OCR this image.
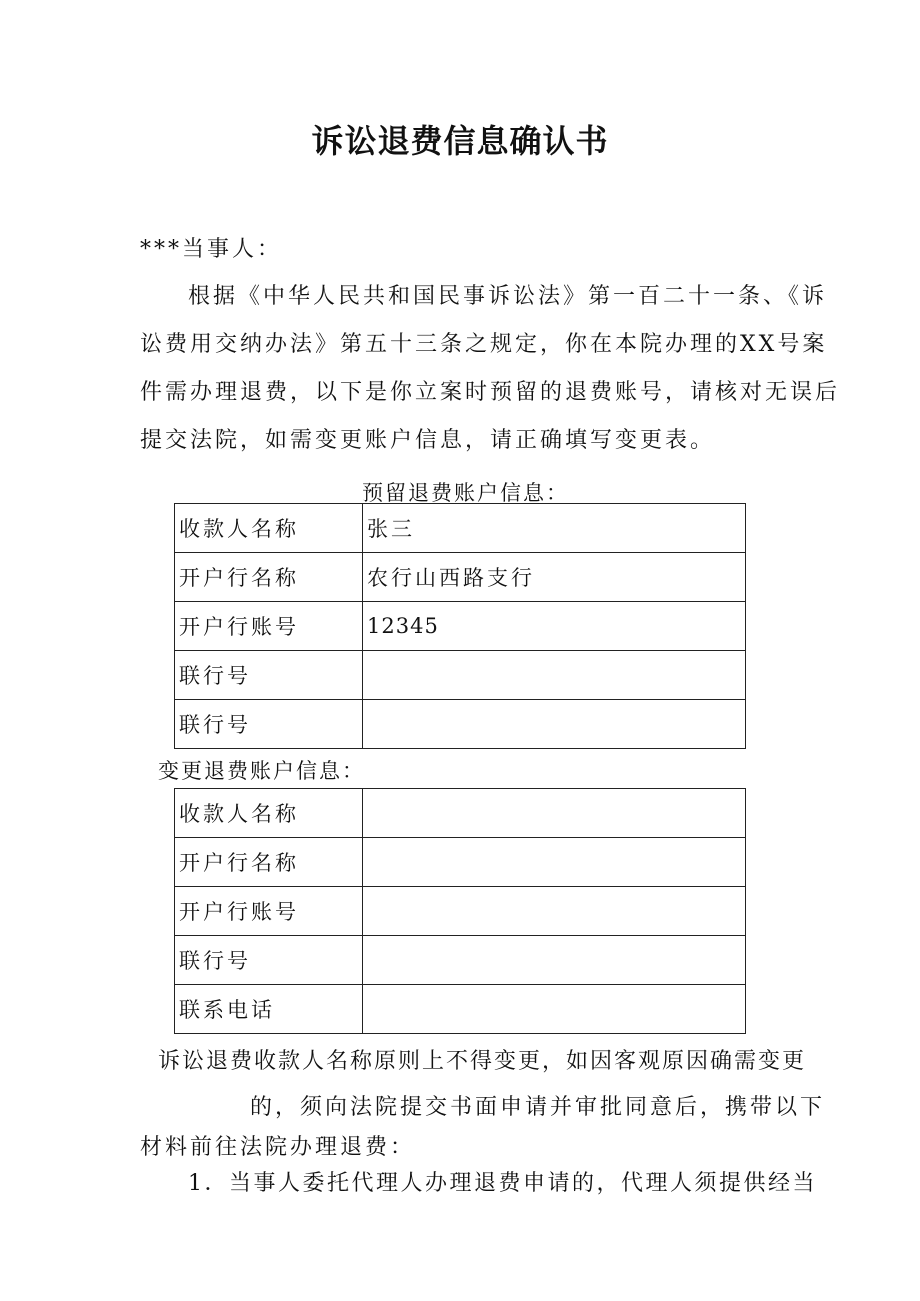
诉讼退费信息确认书
***当事人：
根据《中华人民共和国民事诉讼法》第一百二十一条、《诉
讼费用交纳办法》第五十三条之规定，你在本院办理的XX号案
件需办理退费，以下是你立案时预留的退费账号，请核对无误后
提交法院，如需变更账户信息，请正确填写变更表。
预留退费账户信息：
收款人名称	张三
开户行名称	农行山西路支行
开户行账号	12345
联行号	
联行号	
变更退费账户信息：
收款人名称	
开户行名称	
开户行账号	
联行号	
联系电话	
诉讼退费收款人名称原则上不得变更，如因客观原因确需变更
的，须向法院提交书面申请并审批同意后，携带以下
材料前往法院办理退费：
1．当事人委托代理人办理退费申请的，代理人须提供经当
